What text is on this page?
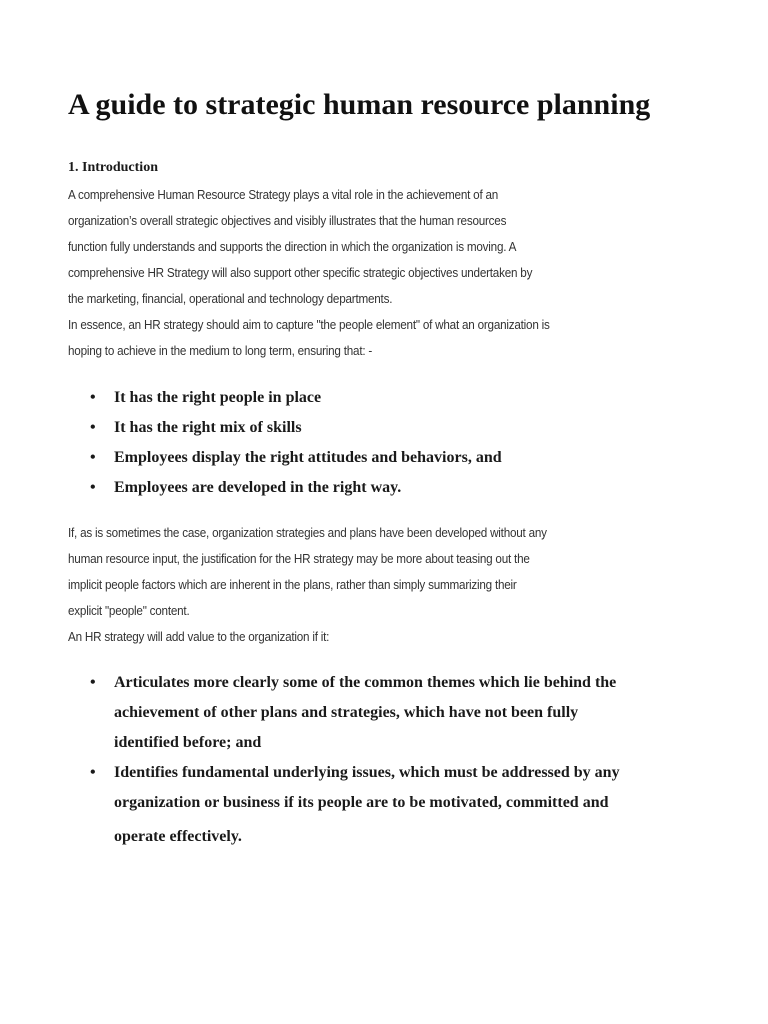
A guide to strategic human resource planning
1. Introduction

A comprehensive Human Resource Strategy plays a vital role in the achievement of an
organization’s overall strategic objectives and visibly illustrates that the human resources
function fully understands and supports the direction in which the organization is moving. A
comprehensive HR Strategy will also support other specific strategic objectives undertaken by
the marketing, financial, operational and technology departments.
In essence, an HR strategy should aim to capture "the people element" of what an organization is
hoping to achieve in the medium to long term, ensuring that: -

• It has the right people in place
• It has the right mix of skills
• Employees display the right attitudes and behaviors, and
• Employees are developed in the right way.

If, as is sometimes the case, organization strategies and plans have been developed without any
human resource input, the justification for the HR strategy may be more about teasing out the
implicit people factors which are inherent in the plans, rather than simply summarizing their
explicit "people" content.
An HR strategy will add value to the organization if it:

• Articulates more clearly some of the common themes which lie behind the
achievement of other plans and strategies, which have not been fully
identified before; and
• Identifies fundamental underlying issues, which must be addressed by any
organization or business if its people are to be motivated, committed and
operate effectively.
